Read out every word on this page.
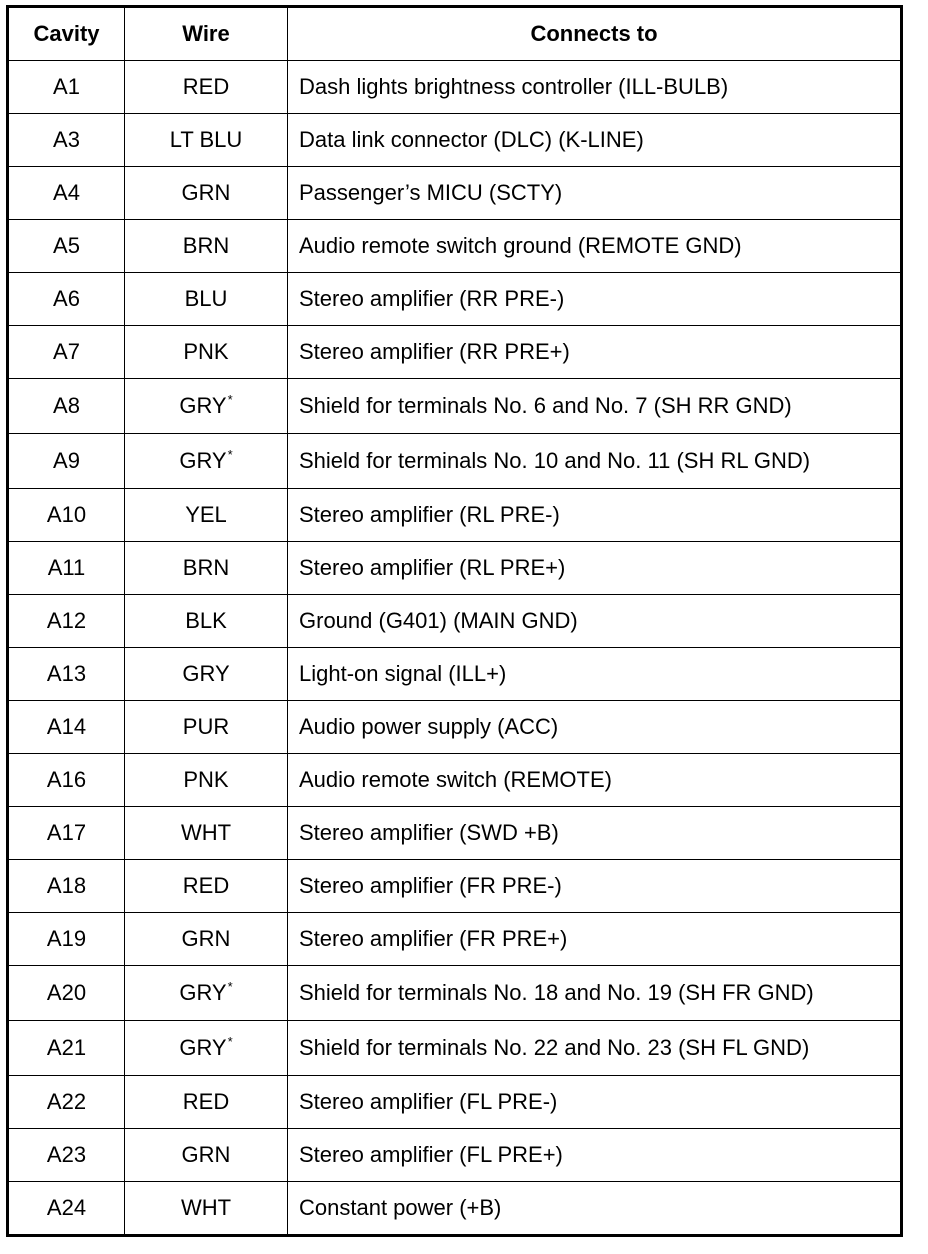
Cavity	Wire	Connects to
A1	RED	Dash lights brightness controller (ILL-BULB)
A3	LT BLU	Data link connector (DLC) (K-LINE)
A4	GRN	Passenger’s MICU (SCTY)
A5	BRN	Audio remote switch ground (REMOTE GND)
A6	BLU	Stereo amplifier (RR PRE-)
A7	PNK	Stereo amplifier (RR PRE+)
A8	GRY*	Shield for terminals No. 6 and No. 7 (SH RR GND)
A9	GRY*	Shield for terminals No. 10 and No. 11 (SH RL GND)
A10	YEL	Stereo amplifier (RL PRE-)
A11	BRN	Stereo amplifier (RL PRE+)
A12	BLK	Ground (G401) (MAIN GND)
A13	GRY	Light-on signal (ILL+)
A14	PUR	Audio power supply (ACC)
A16	PNK	Audio remote switch (REMOTE)
A17	WHT	Stereo amplifier (SWD +B)
A18	RED	Stereo amplifier (FR PRE-)
A19	GRN	Stereo amplifier (FR PRE+)
A20	GRY*	Shield for terminals No. 18 and No. 19 (SH FR GND)
A21	GRY*	Shield for terminals No. 22 and No. 23 (SH FL GND)
A22	RED	Stereo amplifier (FL PRE-)
A23	GRN	Stereo amplifier (FL PRE+)
A24	WHT	Constant power (+B)
